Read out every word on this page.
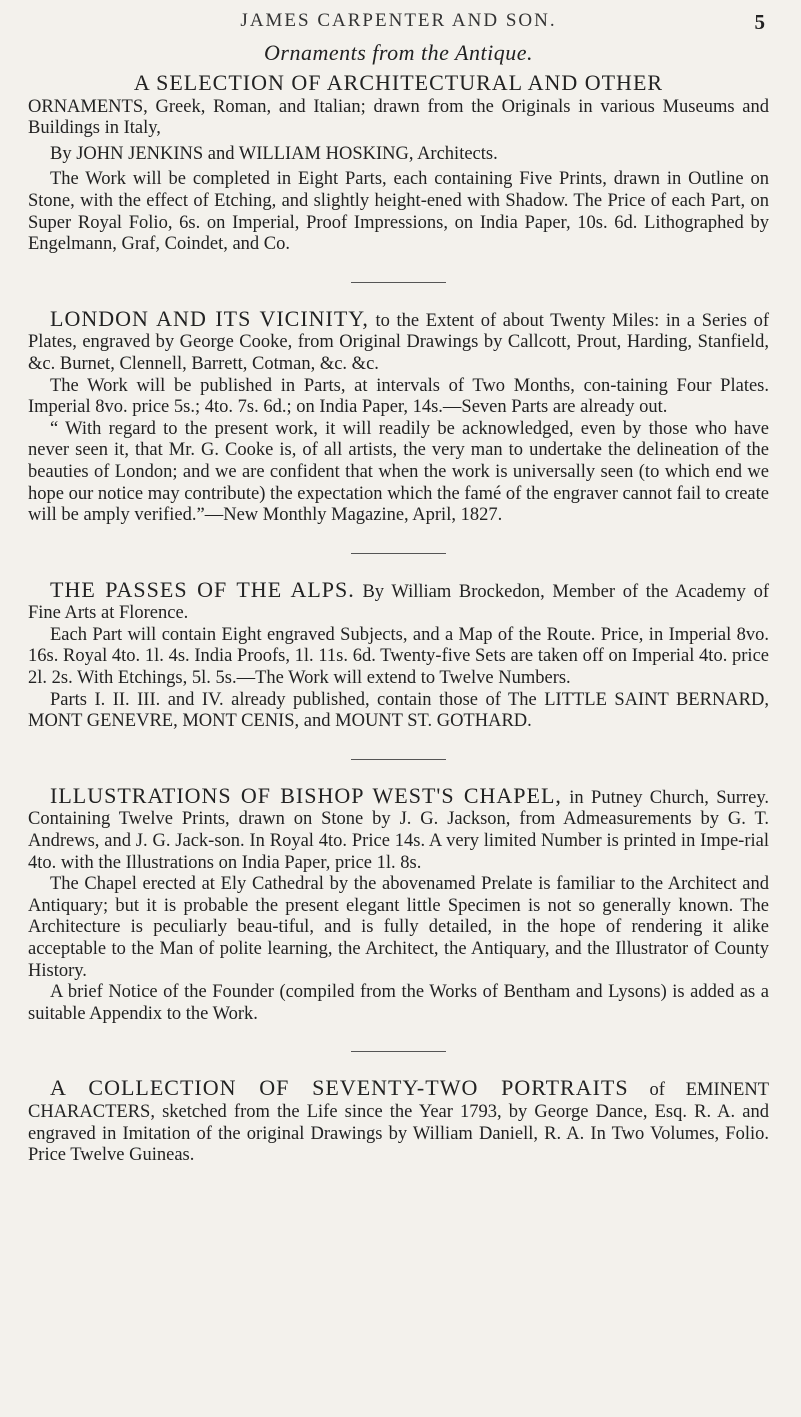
JAMES CARPENTER AND SON.	5
Ornaments from the Antique.

A SELECTION OF ARCHITECTURAL AND OTHER

ORNAMENTS, Greek, Roman, and Italian; drawn from the Originals in various Museums and Buildings in Italy,

By JOHN JENKINS and WILLIAM HOSKING, Architects.

The Work will be completed in Eight Parts, each containing Five Prints, drawn in Outline on Stone, with the effect of Etching, and slightly height-ened with Shadow. The Price of each Part, on Super Royal Folio, 6s. on Imperial, Proof Impressions, on India Paper, 10s. 6d. Lithographed by Engelmann, Graf, Coindet, and Co.

LONDON AND ITS VICINITY, to the Extent of about Twenty Miles: in a Series of Plates, engraved by George Cooke, from Original Drawings by Callcott, Prout, Harding, Stanfield, &c. Burnet, Clennell, Barrett, Cotman, &c. &c.

The Work will be published in Parts, at intervals of Two Months, con-taining Four Plates. Imperial 8vo. price 5s.; 4to. 7s. 6d.; on India Paper, 14s.—Seven Parts are already out.

“ With regard to the present work, it will readily be acknowledged, even by those who have never seen it, that Mr. G. Cooke is, of all artists, the very man to undertake the delineation of the beauties of London; and we are confident that when the work is universally seen (to which end we hope our notice may contribute) the expectation which the famé of the engraver cannot fail to create will be amply verified.”—New Monthly Magazine, April, 1827.

THE PASSES OF THE ALPS. By William Brockedon, Member of the Academy of Fine Arts at Florence.

Each Part will contain Eight engraved Subjects, and a Map of the Route. Price, in Imperial 8vo. 16s. Royal 4to. 1l. 4s. India Proofs, 1l. 11s. 6d. Twenty-five Sets are taken off on Imperial 4to. price 2l. 2s. With Etchings, 5l. 5s.—The Work will extend to Twelve Numbers.

Parts I. II. III. and IV. already published, contain those of The LITTLE SAINT BERNARD, MONT GENEVRE, MONT CENIS, and MOUNT ST. GOTHARD.

ILLUSTRATIONS OF BISHOP WEST'S CHAPEL, in Putney Church, Surrey. Containing Twelve Prints, drawn on Stone by J. G. Jackson, from Admeasurements by G. T. Andrews, and J. G. Jack-son. In Royal 4to. Price 14s. A very limited Number is printed in Impe-rial 4to. with the Illustrations on India Paper, price 1l. 8s.

The Chapel erected at Ely Cathedral by the abovenamed Prelate is familiar to the Architect and Antiquary; but it is probable the present elegant little Specimen is not so generally known. The Architecture is peculiarly beau-tiful, and is fully detailed, in the hope of rendering it alike acceptable to the Man of polite learning, the Architect, the Antiquary, and the Illustrator of County History.

A brief Notice of the Founder (compiled from the Works of Bentham and Lysons) is added as a suitable Appendix to the Work.

A COLLECTION OF SEVENTY-TWO PORTRAITS of EMINENT CHARACTERS, sketched from the Life since the Year 1793, by George Dance, Esq. R. A. and engraved in Imitation of the original Drawings by William Daniell, R. A. In Two Volumes, Folio. Price Twelve Guineas.
